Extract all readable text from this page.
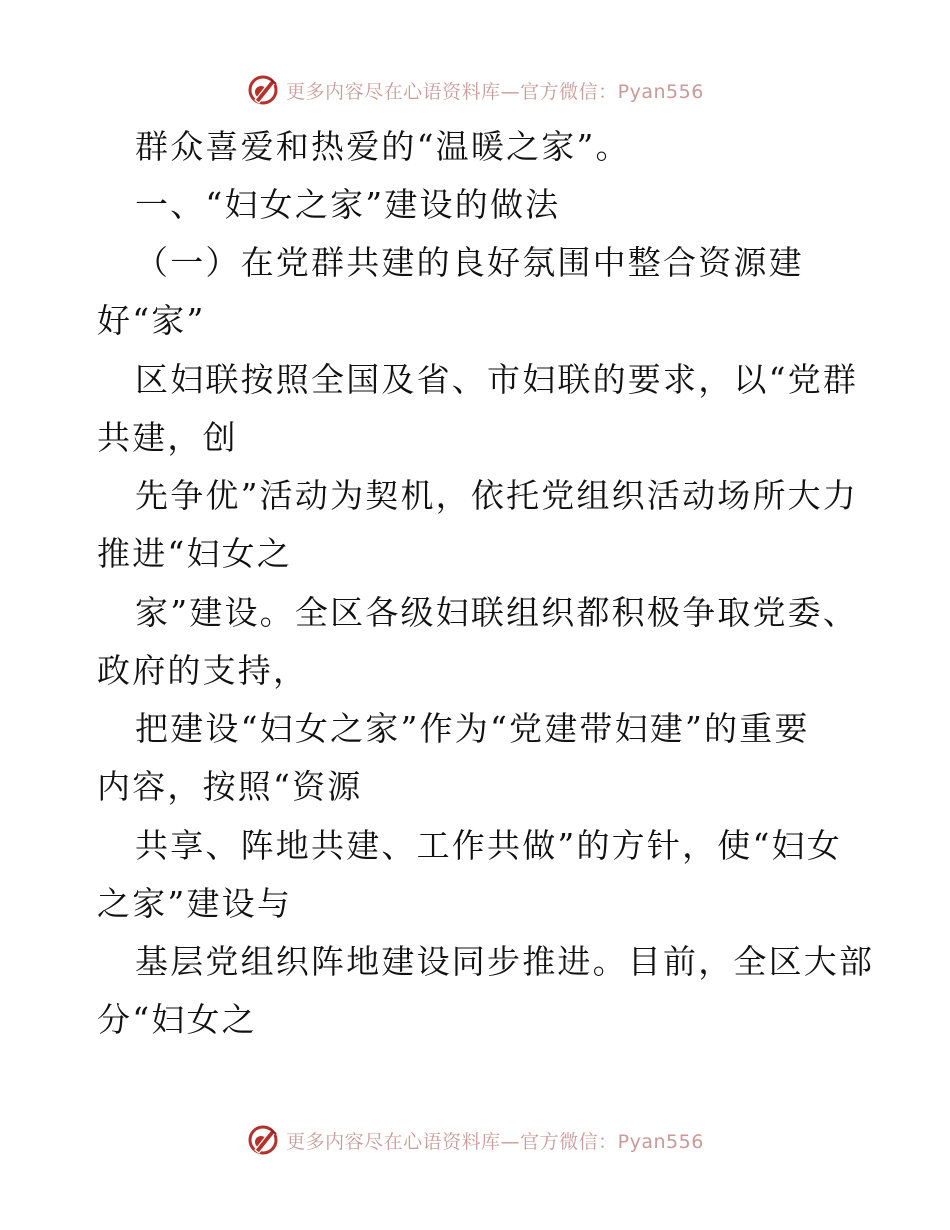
更多内容尽在心语资料库—官方微信：Pyan556
群众喜爱和热爱的“温暖之家”。
一、“妇女之家”建设的做法
（一）在党群共建的良好氛围中整合资源建
好“家”
区妇联按照全国及省、市妇联的要求，以“党群
共建，创
先争优”活动为契机，依托党组织活动场所大力
推进“妇女之
家”建设。全区各级妇联组织都积极争取党委、
政府的支持，
把建设“妇女之家”作为“党建带妇建”的重要
内容，按照“资源
共享、阵地共建、工作共做”的方针，使“妇女
之家”建设与
基层党组织阵地建设同步推进。目前，全区大部
分“妇女之
更多内容尽在心语资料库—官方微信：Pyan556
